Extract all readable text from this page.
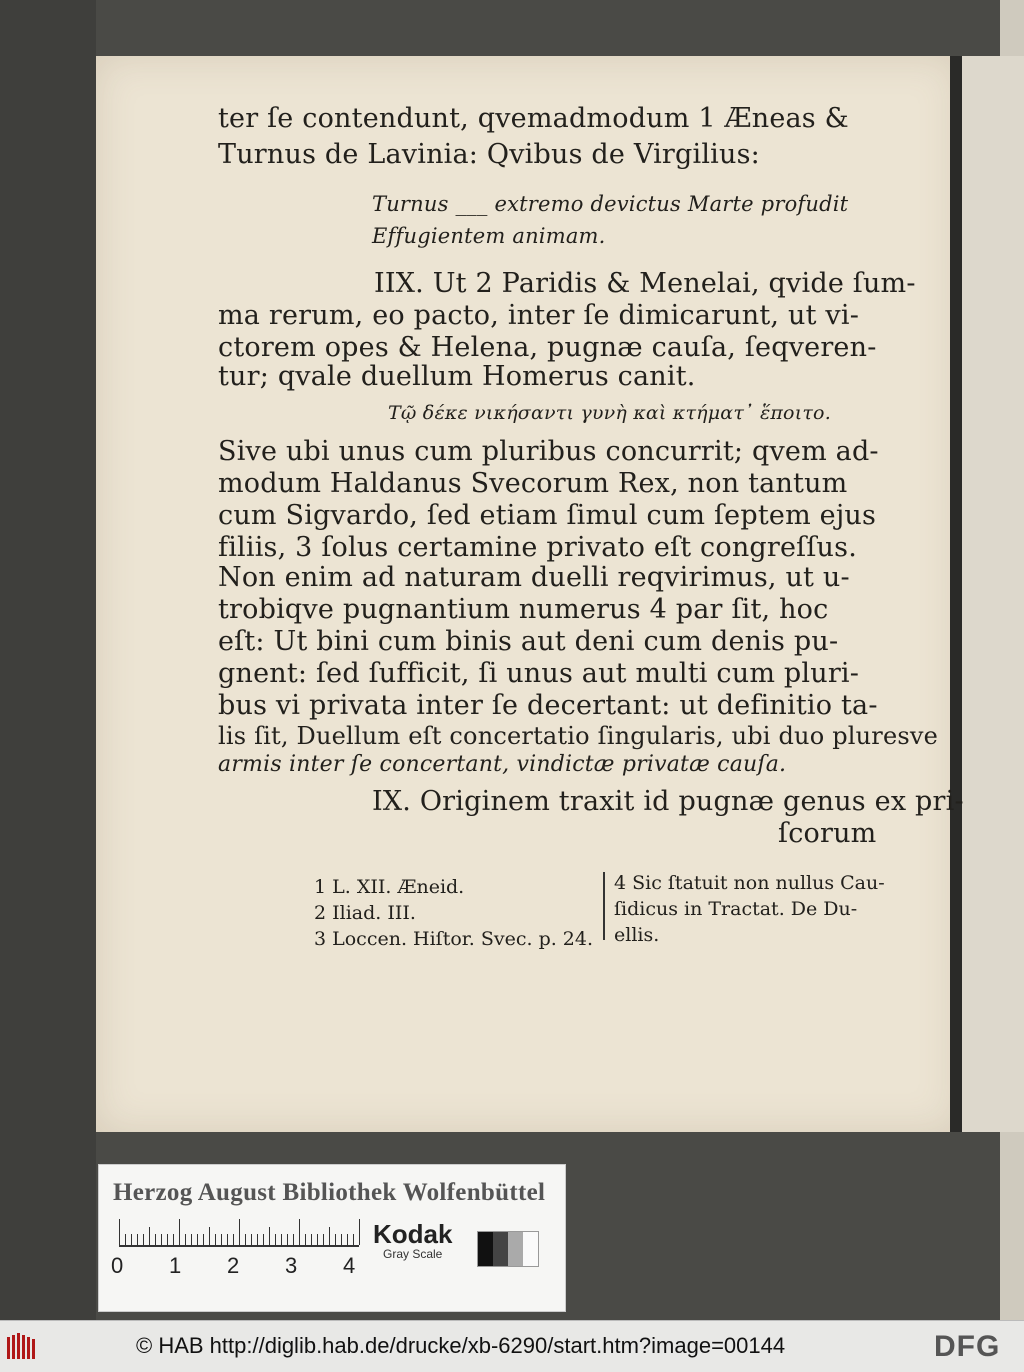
ter ſe contendunt, qvemadmodum 1 Æneas &
Turnus de Lavinia: Qvibus de Virgilius:
Turnus ___ extremo devictus Marte profudit
Effugientem animam.
IIX. Ut 2 Paridis & Menelai, qvide ſum-
ma rerum, eo pacto, inter ſe dimicarunt, ut vi-
ctorem opes & Helena, pugnæ cauſa, ſeqveren-
tur; qvale duellum Homerus canit.
Τῷ δέκε νικήσαντι γυνὴ καὶ κτήματ᾽ ἕποιτο.
Sive ubi unus cum pluribus concurrit; qvem ad-
modum Haldanus Svecorum Rex, non tantum
cum Sigvardo, ſed etiam ſimul cum ſeptem ejus
filiis, 3 ſolus certamine privato eſt congreſſus.
Non enim ad naturam duelli reqvirimus, ut u-
trobiqve pugnantium numerus 4 par ſit, hoc
eſt: Ut bini cum binis aut deni cum denis pu-
gnent: ſed ſufficit, ſi unus aut multi cum pluri-
bus vi privata inter ſe decertant: ut definitio ta-
lis ſit, Duellum eſt concertatio ſingularis, ubi duo pluresve
armis inter ſe concertant, vindictæ privatæ cauſa.
IX. Originem traxit id pugnæ genus ex pri-
ſcorum
1 L. XII. Æneid.
2 Iliad. III.
3 Loccen. Hiſtor. Svec. p. 24.
4 Sic ſtatuit non nullus Cau-
ſidicus in Tractat. De Du-
ellis.
Herzog August Bibliothek Wolfenbüttel
0 1 2 3 4
Kodak
Gray Scale
© HAB http://diglib.hab.de/drucke/xb-6290/start.htm?image=00144	DFG
